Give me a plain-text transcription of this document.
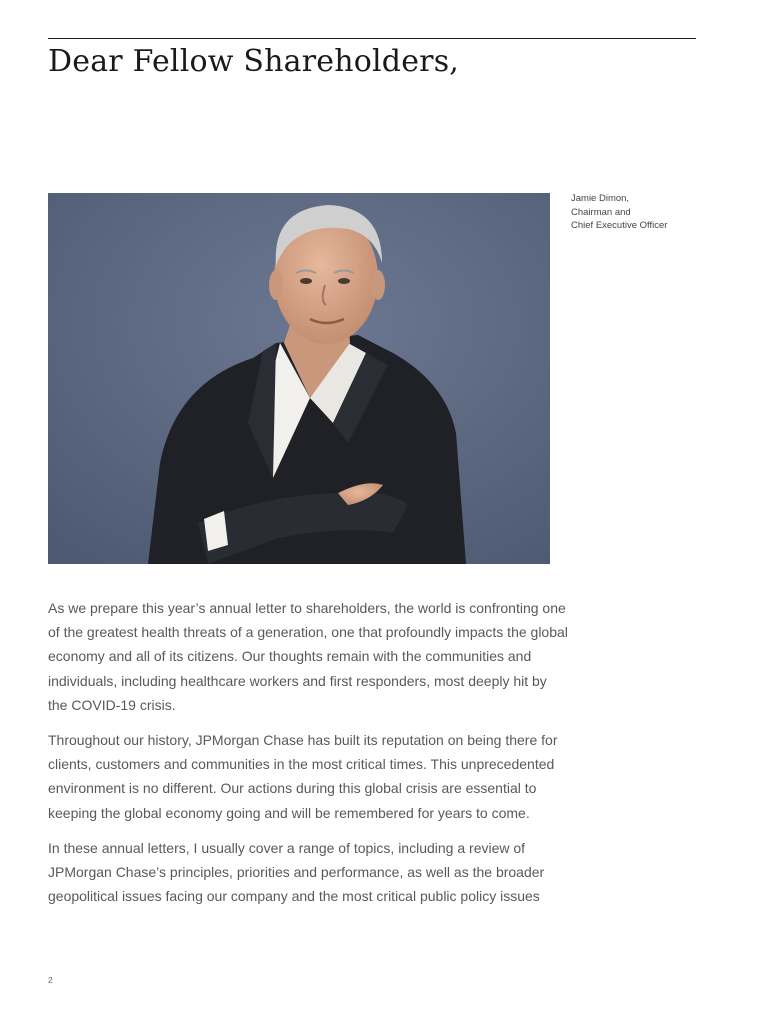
Dear Fellow Shareholders,
Jamie Dimon,
Chairman and
Chief Executive Officer

As we prepare this year’s annual letter to shareholders, the world is confronting one of the greatest health threats of a generation, one that profoundly impacts the global economy and all of its citizens. Our thoughts remain with the communities and individuals, including healthcare workers and first responders, most deeply hit by the COVID-19 crisis.

Throughout our history, JPMorgan Chase has built its reputation on being there for clients, customers and communities in the most critical times. This unprecedented environment is no different. Our actions during this global crisis are essential to keeping the global economy going and will be remembered for years to come.

In these annual letters, I usually cover a range of topics, including a review of JPMorgan Chase’s principles, priorities and performance, as well as the broader geopolitical issues facing our company and the most critical public policy issues

2
